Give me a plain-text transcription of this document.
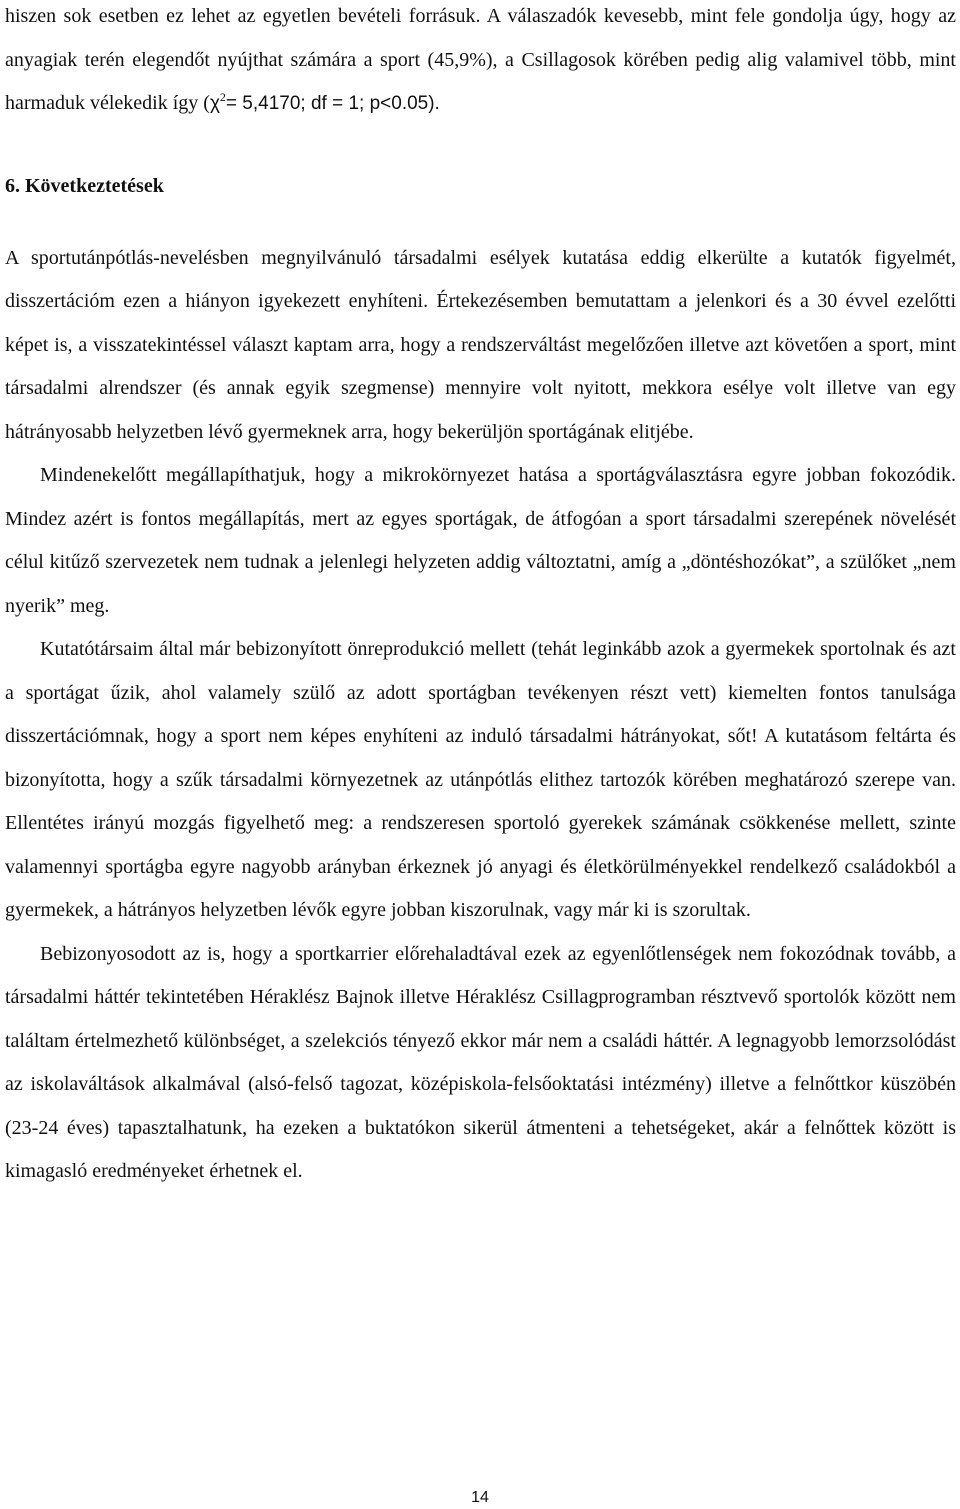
hiszen sok esetben ez lehet az egyetlen bevételi forrásuk. A válaszadók kevesebb, mint fele gondolja úgy, hogy az anyagiak terén elegendőt nyújthat számára a sport (45,9%), a Csillagosok körében pedig alig valamivel több, mint harmaduk vélekedik így ($\chi^2= 5,4170$; df = 1; p<0.05).

6. Következtetések

A sportutánpótlás-nevelésben megnyilvánuló társadalmi esélyek kutatása eddig elkerülte a kutatók figyelmét, disszertációm ezen a hiányon igyekezett enyhíteni. Értekezésemben bemutattam a jelenkori és a 30 évvel ezelőtti képet is, a visszatekintéssel választ kaptam arra, hogy a rendszerváltást megelőzően illetve azt követően a sport, mint társadalmi alrendszer (és annak egyik szegmense) mennyire volt nyitott, mekkora esélye volt illetve van egy hátrányosabb helyzetben lévő gyermeknek arra, hogy bekerüljön sportágának elitjébe.

Mindenekelőtt megállapíthatjuk, hogy a mikrokörnyezet hatása a sportágválasztásra egyre jobban fokozódik. Mindez azért is fontos megállapítás, mert az egyes sportágak, de átfogóan a sport társadalmi szerepének növelését célul kitűző szervezetek nem tudnak a jelenlegi helyzeten addig változtatni, amíg a „döntéshozókat”, a szülőket „nem nyerik” meg.

Kutatótársaim által már bebizonyított önreprodukció mellett (tehát leginkább azok a gyermekek sportolnak és azt a sportágat űzik, ahol valamely szülő az adott sportágban tevékenyen részt vett) kiemelten fontos tanulsága disszertációmnak, hogy a sport nem képes enyhíteni az induló társadalmi hátrányokat, sőt! A kutatásom feltárta és bizonyította, hogy a szűk társadalmi környezetnek az utánpótlás elithez tartozók körében meghatározó szerepe van. Ellentétes irányú mozgás figyelhető meg: a rendszeresen sportoló gyerekek számának csökkenése mellett, szinte valamennyi sportágba egyre nagyobb arányban érkeznek jó anyagi és életkörülményekkel rendelkező családokból a gyermekek, a hátrányos helyzetben lévők egyre jobban kiszorulnak, vagy már ki is szorultak.

Bebizonyosodott az is, hogy a sportkarrier előrehaladtával ezek az egyenlőtlenségek nem fokozódnak tovább, a társadalmi háttér tekintetében Héraklész Bajnok illetve Héraklész Csillagprogramban résztvevő sportolók között nem találtam értelmezhető különbséget, a szelekciós tényező ekkor már nem a családi háttér. A legnagyobb lemorzsolódást az iskolaváltások alkalmával (alsó-felső tagozat, középiskola-felsőoktatási intézmény) illetve a felnőttkor küszöbén (23-24 éves) tapasztalhatunk, ha ezeken a buktatókon sikerül átmenteni a tehetségeket, akár a felnőttek között is kimagasló eredményeket érhetnek el.

14
